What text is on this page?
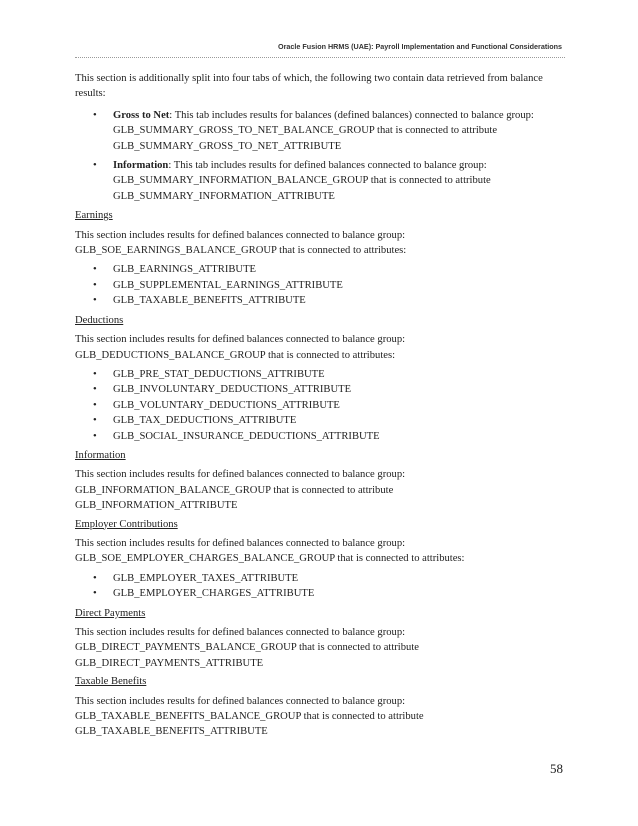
Oracle Fusion HRMS (UAE): Payroll Implementation and Functional Considerations

This section is additionally split into four tabs of which, the following two contain data retrieved from balance
results:

• Gross to Net: This tab includes results for balances (defined balances) connected to balance group:
GLB_SUMMARY_GROSS_TO_NET_BALANCE_GROUP that is connected to attribute
GLB_SUMMARY_GROSS_TO_NET_ATTRIBUTE
• Information: This tab includes results for defined balances connected to balance group:
GLB_SUMMARY_INFORMATION_BALANCE_GROUP that is connected to attribute
GLB_SUMMARY_INFORMATION_ATTRIBUTE

Earnings

This section includes results for defined balances connected to balance group:
GLB_SOE_EARNINGS_BALANCE_GROUP that is connected to attributes:

• GLB_EARNINGS_ATTRIBUTE
• GLB_SUPPLEMENTAL_EARNINGS_ATTRIBUTE
• GLB_TAXABLE_BENEFITS_ATTRIBUTE

Deductions

This section includes results for defined balances connected to balance group:
GLB_DEDUCTIONS_BALANCE_GROUP that is connected to attributes:

• GLB_PRE_STAT_DEDUCTIONS_ATTRIBUTE
• GLB_INVOLUNTARY_DEDUCTIONS_ATTRIBUTE
• GLB_VOLUNTARY_DEDUCTIONS_ATTRIBUTE
• GLB_TAX_DEDUCTIONS_ATTRIBUTE
• GLB_SOCIAL_INSURANCE_DEDUCTIONS_ATTRIBUTE

Information

This section includes results for defined balances connected to balance group:
GLB_INFORMATION_BALANCE_GROUP that is connected to attribute
GLB_INFORMATION_ATTRIBUTE

Employer Contributions

This section includes results for defined balances connected to balance group:
GLB_SOE_EMPLOYER_CHARGES_BALANCE_GROUP that is connected to attributes:

• GLB_EMPLOYER_TAXES_ATTRIBUTE
• GLB_EMPLOYER_CHARGES_ATTRIBUTE

Direct Payments

This section includes results for defined balances connected to balance group:
GLB_DIRECT_PAYMENTS_BALANCE_GROUP that is connected to attribute
GLB_DIRECT_PAYMENTS_ATTRIBUTE

Taxable Benefits

This section includes results for defined balances connected to balance group:
GLB_TAXABLE_BENEFITS_BALANCE_GROUP that is connected to attribute
GLB_TAXABLE_BENEFITS_ATTRIBUTE

58
